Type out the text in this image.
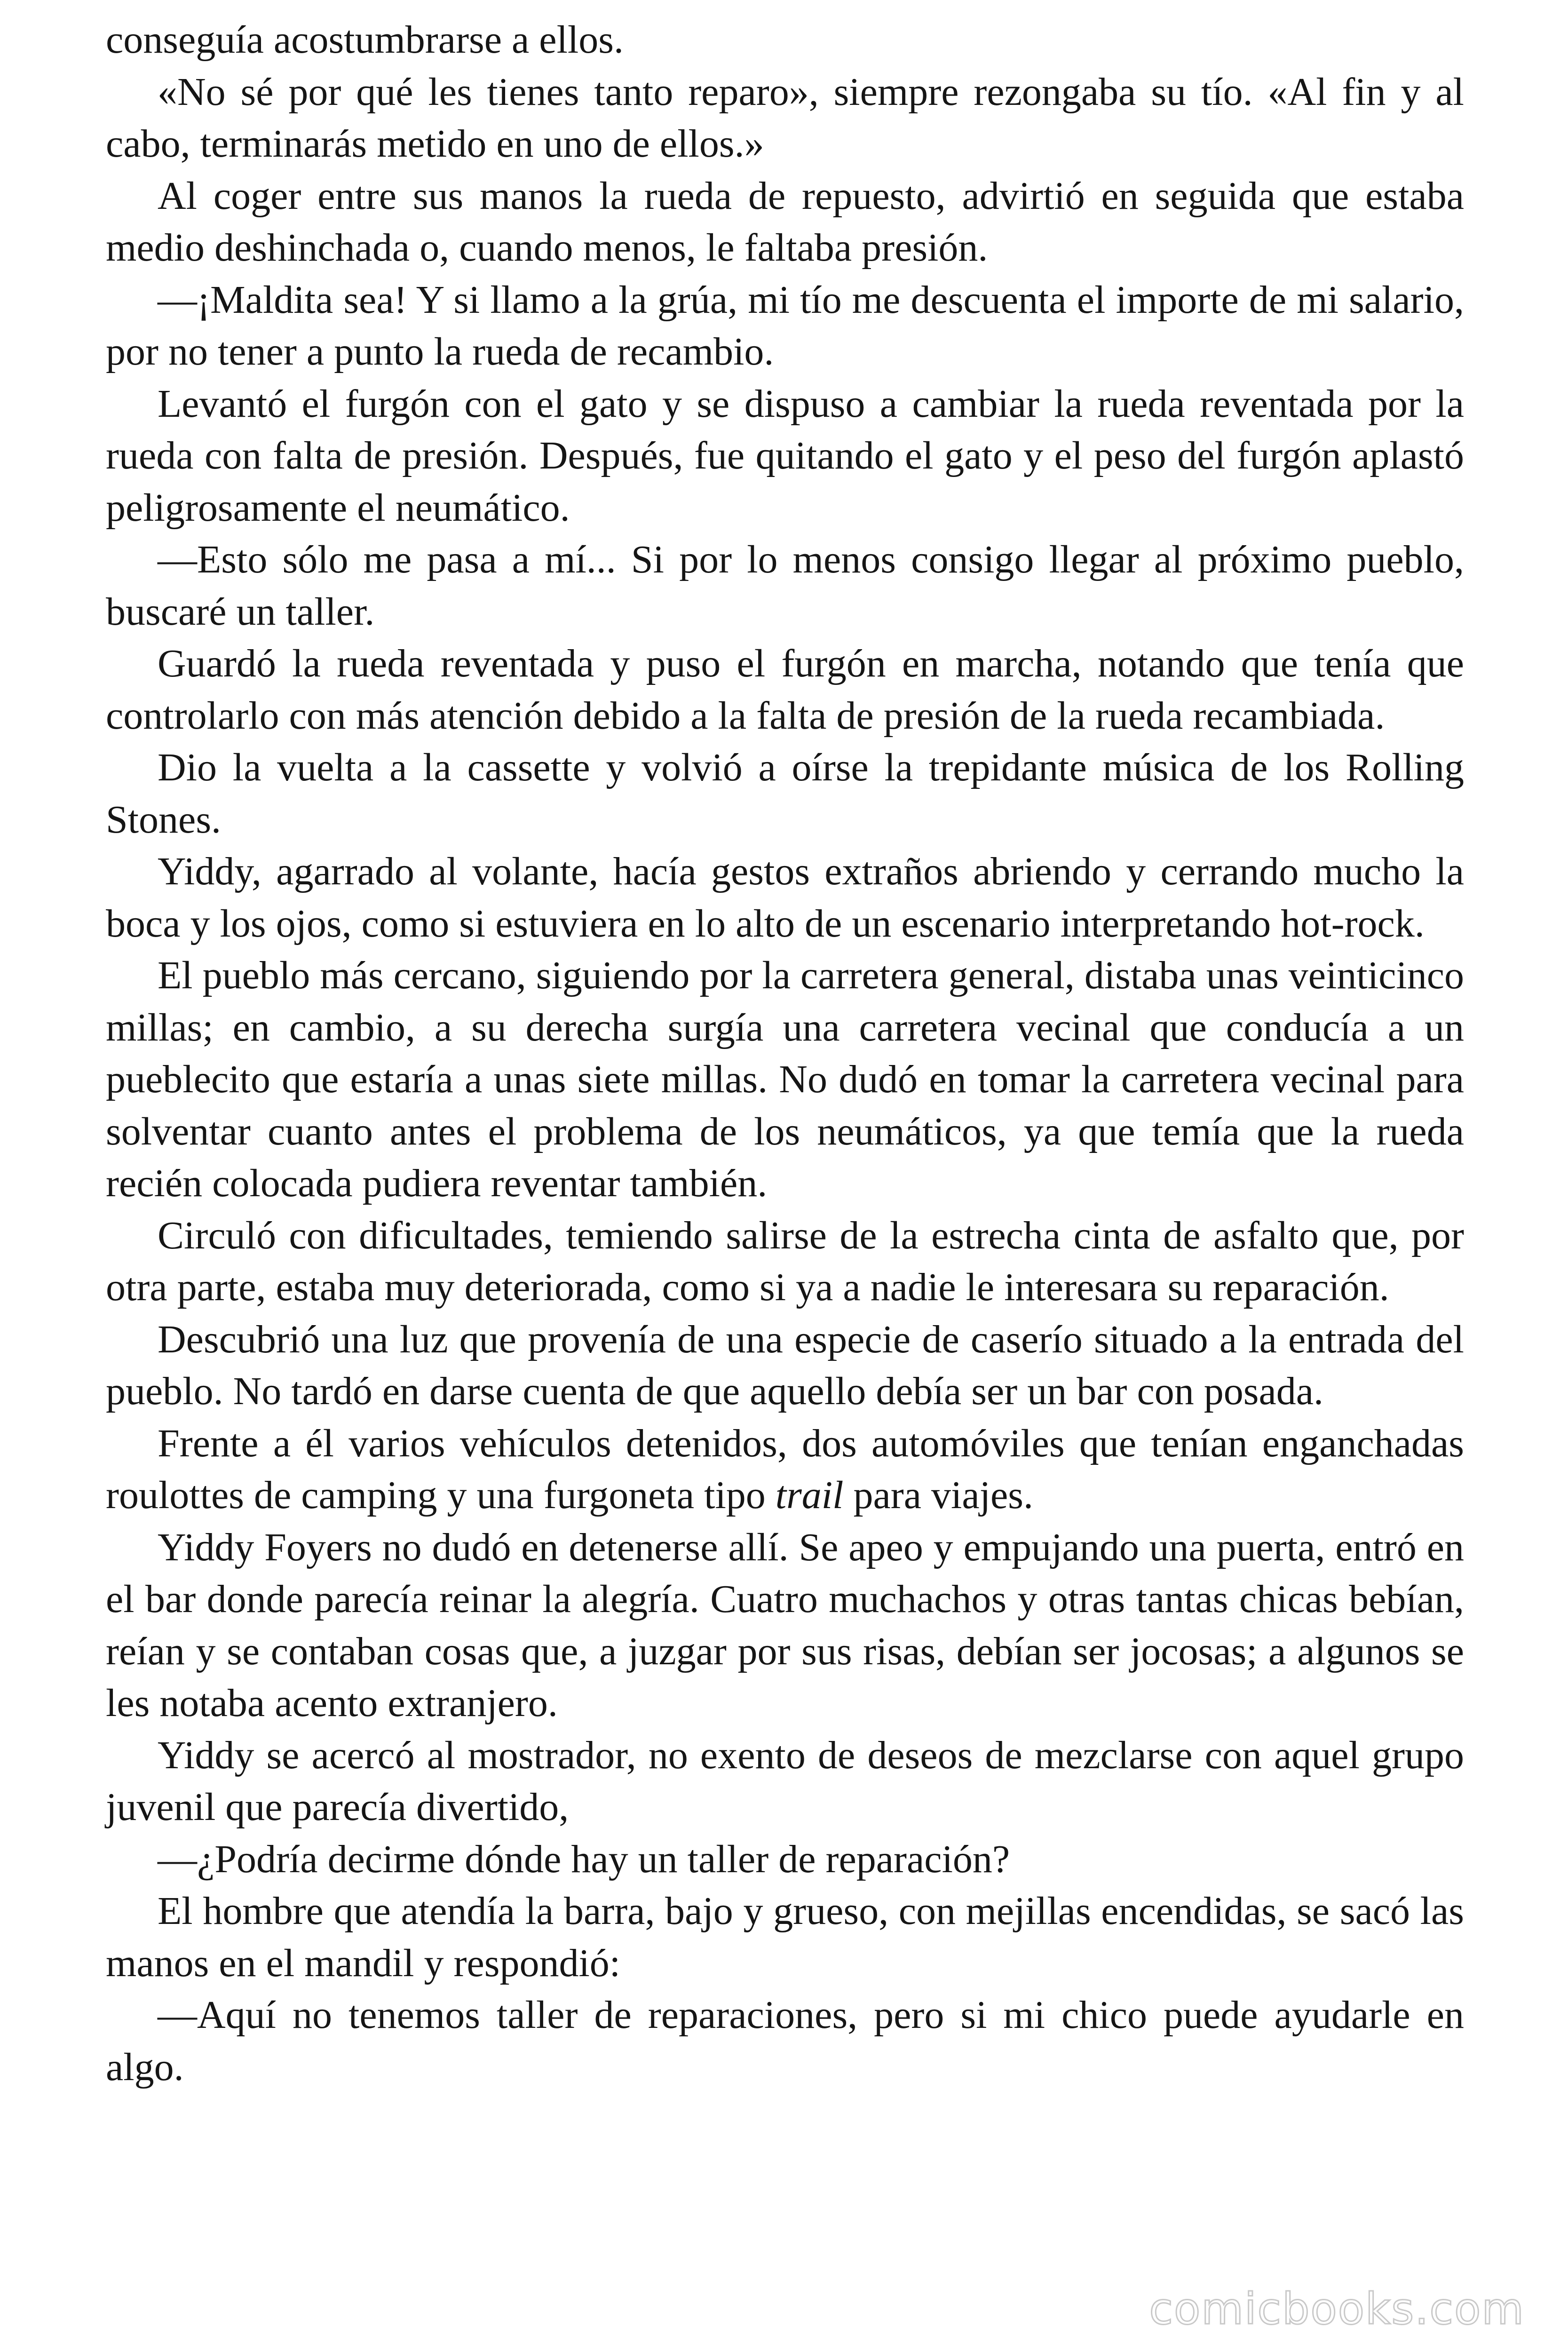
conseguía acostumbrarse a ellos.

«No sé por qué les tienes tanto reparo», siempre rezongaba su tío. «Al fin y al cabo, terminarás metido en uno de ellos.»

Al coger entre sus manos la rueda de repuesto, advirtió en seguida que estaba medio deshinchada o, cuando menos, le faltaba presión.

—¡Maldita sea! Y si llamo a la grúa, mi tío me descuenta el importe de mi salario, por no tener a punto la rueda de recambio.

Levantó el furgón con el gato y se dispuso a cambiar la rueda reventada por la rueda con falta de presión. Después, fue quitando el gato y el peso del furgón aplastó peligrosamente el neumático.

—Esto sólo me pasa a mí... Si por lo menos consigo llegar al próximo pueblo, buscaré un taller.

Guardó la rueda reventada y puso el furgón en marcha, notando que tenía que controlarlo con más atención debido a la falta de presión de la rueda recambiada.

Dio la vuelta a la cassette y volvió a oírse la trepidante música de los Rolling Stones.

Yiddy, agarrado al volante, hacía gestos extraños abriendo y cerrando mucho la boca y los ojos, como si estuviera en lo alto de un escenario interpretando hot-rock.

El pueblo más cercano, siguiendo por la carretera general, distaba unas veinticinco millas; en cambio, a su derecha surgía una carretera vecinal que conducía a un pueblecito que estaría a unas siete millas. No dudó en tomar la carretera vecinal para solventar cuanto antes el problema de los neumáticos, ya que temía que la rueda recién colocada pudiera reventar también.

Circuló con dificultades, temiendo salirse de la estrecha cinta de asfalto que, por otra parte, estaba muy deteriorada, como si ya a nadie le interesara su reparación.

Descubrió una luz que provenía de una especie de caserío situado a la entrada del pueblo. No tardó en darse cuenta de que aquello debía ser un bar con posada.

Frente a él varios vehículos detenidos, dos automóviles que tenían enganchadas roulottes de camping y una furgoneta tipo trail para viajes.

Yiddy Foyers no dudó en detenerse allí. Se apeo y empujando una puerta, entró en el bar donde parecía reinar la alegría. Cuatro muchachos y otras tantas chicas bebían, reían y se contaban cosas que, a juzgar por sus risas, debían ser jocosas; a algunos se les notaba acento extranjero.

Yiddy se acercó al mostrador, no exento de deseos de mezclarse con aquel grupo juvenil que parecía divertido,

—¿Podría decirme dónde hay un taller de reparación?

El hombre que atendía la barra, bajo y grueso, con mejillas encendidas, se sacó las manos en el mandil y respondió:

—Aquí no tenemos taller de reparaciones, pero si mi chico puede ayudarle en algo.

comicbooks.com
